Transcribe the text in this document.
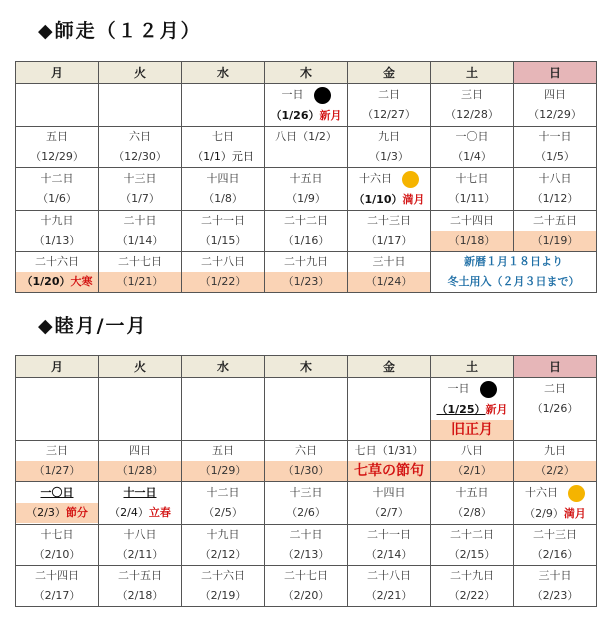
◆師走（１２月）
月	火	水	木	金	土	日

			一日
（1/26）新月	二日
（12/27）	三日
（12/28）	四日
（12/29）

五日
（12/29）	六日
（12/30）	七日
（1/1）元日	八日（1/2）	九日
（1/3）	一〇日
（1/4）	十一日
（1/5）

十二日
（1/6）	十三日
（1/7）	十四日
（1/8）	十五日
（1/9）	十六日
（1/10）満月	十七日
（1/11）	十八日
（1/12）

十九日
（1/13）	二十日
（1/14）	二十一日
（1/15）	二十二日
（1/16）	二十三日
（1/17）	二十四日
（1/18）	二十五日
（1/19）

二十六日
（1/20）大寒	二十七日
（1/21）	二十八日
（1/22）	二十九日
（1/23）	三十日
（1/24）	新暦１月１８日より
冬土用入（２月３日まで）	
◆睦月/一月
月	火	水	木	金	土	日

					一日
（1/25）新月
旧正月	二日
（1/26）

三日
（1/27）	四日
（1/28）	五日
（1/29）	六日
（1/30）	七日（1/31）
七草の節句	八日
（2/1）	九日
（2/2）

一〇日
（2/3）節分	十一日
（2/4）立春	十二日
（2/5）	十三日
（2/6）	十四日
（2/7）	十五日
（2/8）	十六日
（2/9）満月

十七日
（2/10）	十八日
（2/11）	十九日
（2/12）	二十日
（2/13）	二十一日
（2/14）	二十二日
（2/15）	二十三日
（2/16）

二十四日
（2/17）	二十五日
（2/18）	二十六日
（2/19）	二十七日
（2/20）	二十八日
（2/21）	二十九日
（2/22）	三十日
（2/23）
